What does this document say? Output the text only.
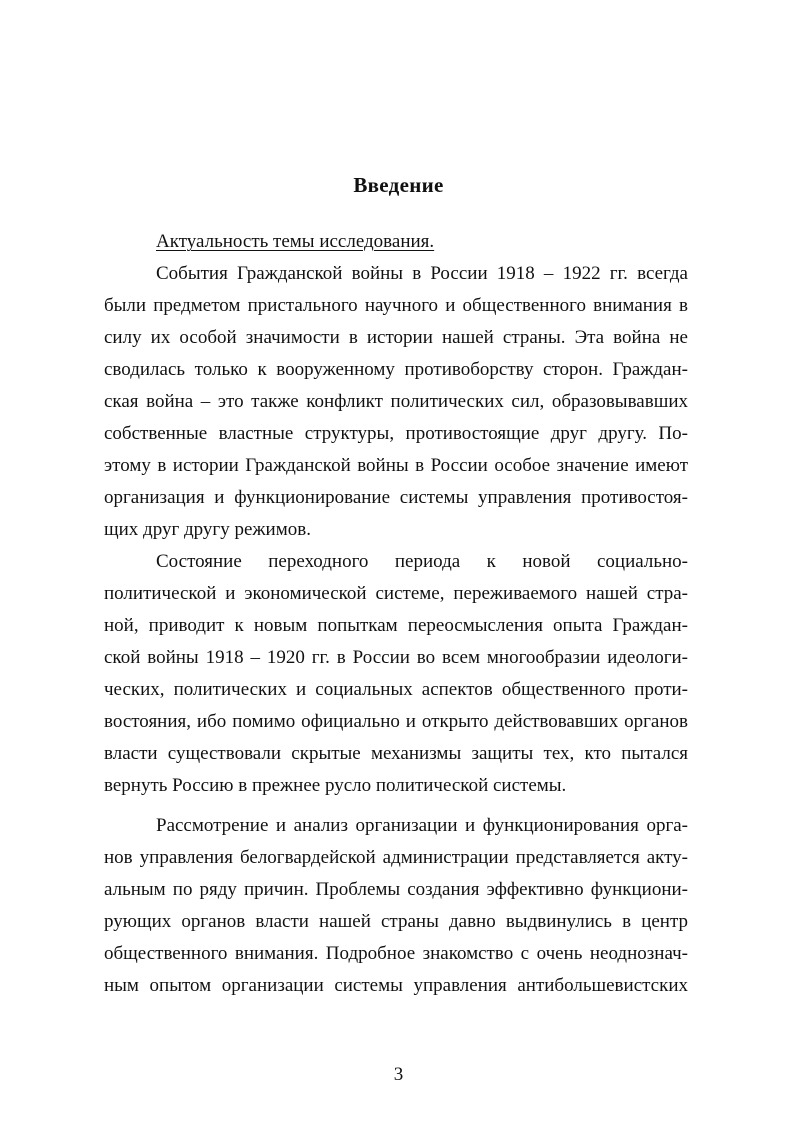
Введение
Актуальность темы исследования.
События Гражданской войны в России 1918 – 1922 гг. всегда
были предметом пристального научного и общественного внимания в
силу их особой значимости в истории нашей страны. Эта война не
сводилась только к вооруженному противоборству сторон. Граждан-
ская война – это также конфликт политических сил, образовывавших
собственные властные структуры, противостоящие друг другу. По-
этому в истории Гражданской войны в России особое значение имеют
организация и функционирование системы управления противостоя-
щих друг другу режимов.
Состояние переходного периода к новой социально-
политической и экономической системе, переживаемого нашей стра-
ной, приводит к новым попыткам переосмысления опыта Граждан-
ской войны 1918 – 1920 гг. в России во всем многообразии идеологи-
ческих, политических и социальных аспектов общественного проти-
востояния, ибо помимо официально и открыто действовавших органов
власти существовали скрытые механизмы защиты тех, кто пытался
вернуть Россию в прежнее русло политической системы.
Рассмотрение и анализ организации и функционирования орга-
нов управления белогвардейской администрации представляется акту-
альным по ряду причин. Проблемы создания эффективно функциони-
рующих органов власти нашей страны давно выдвинулись в центр
общественного внимания. Подробное знакомство с очень неоднознач-
ным опытом организации системы управления антибольшевистских
3
